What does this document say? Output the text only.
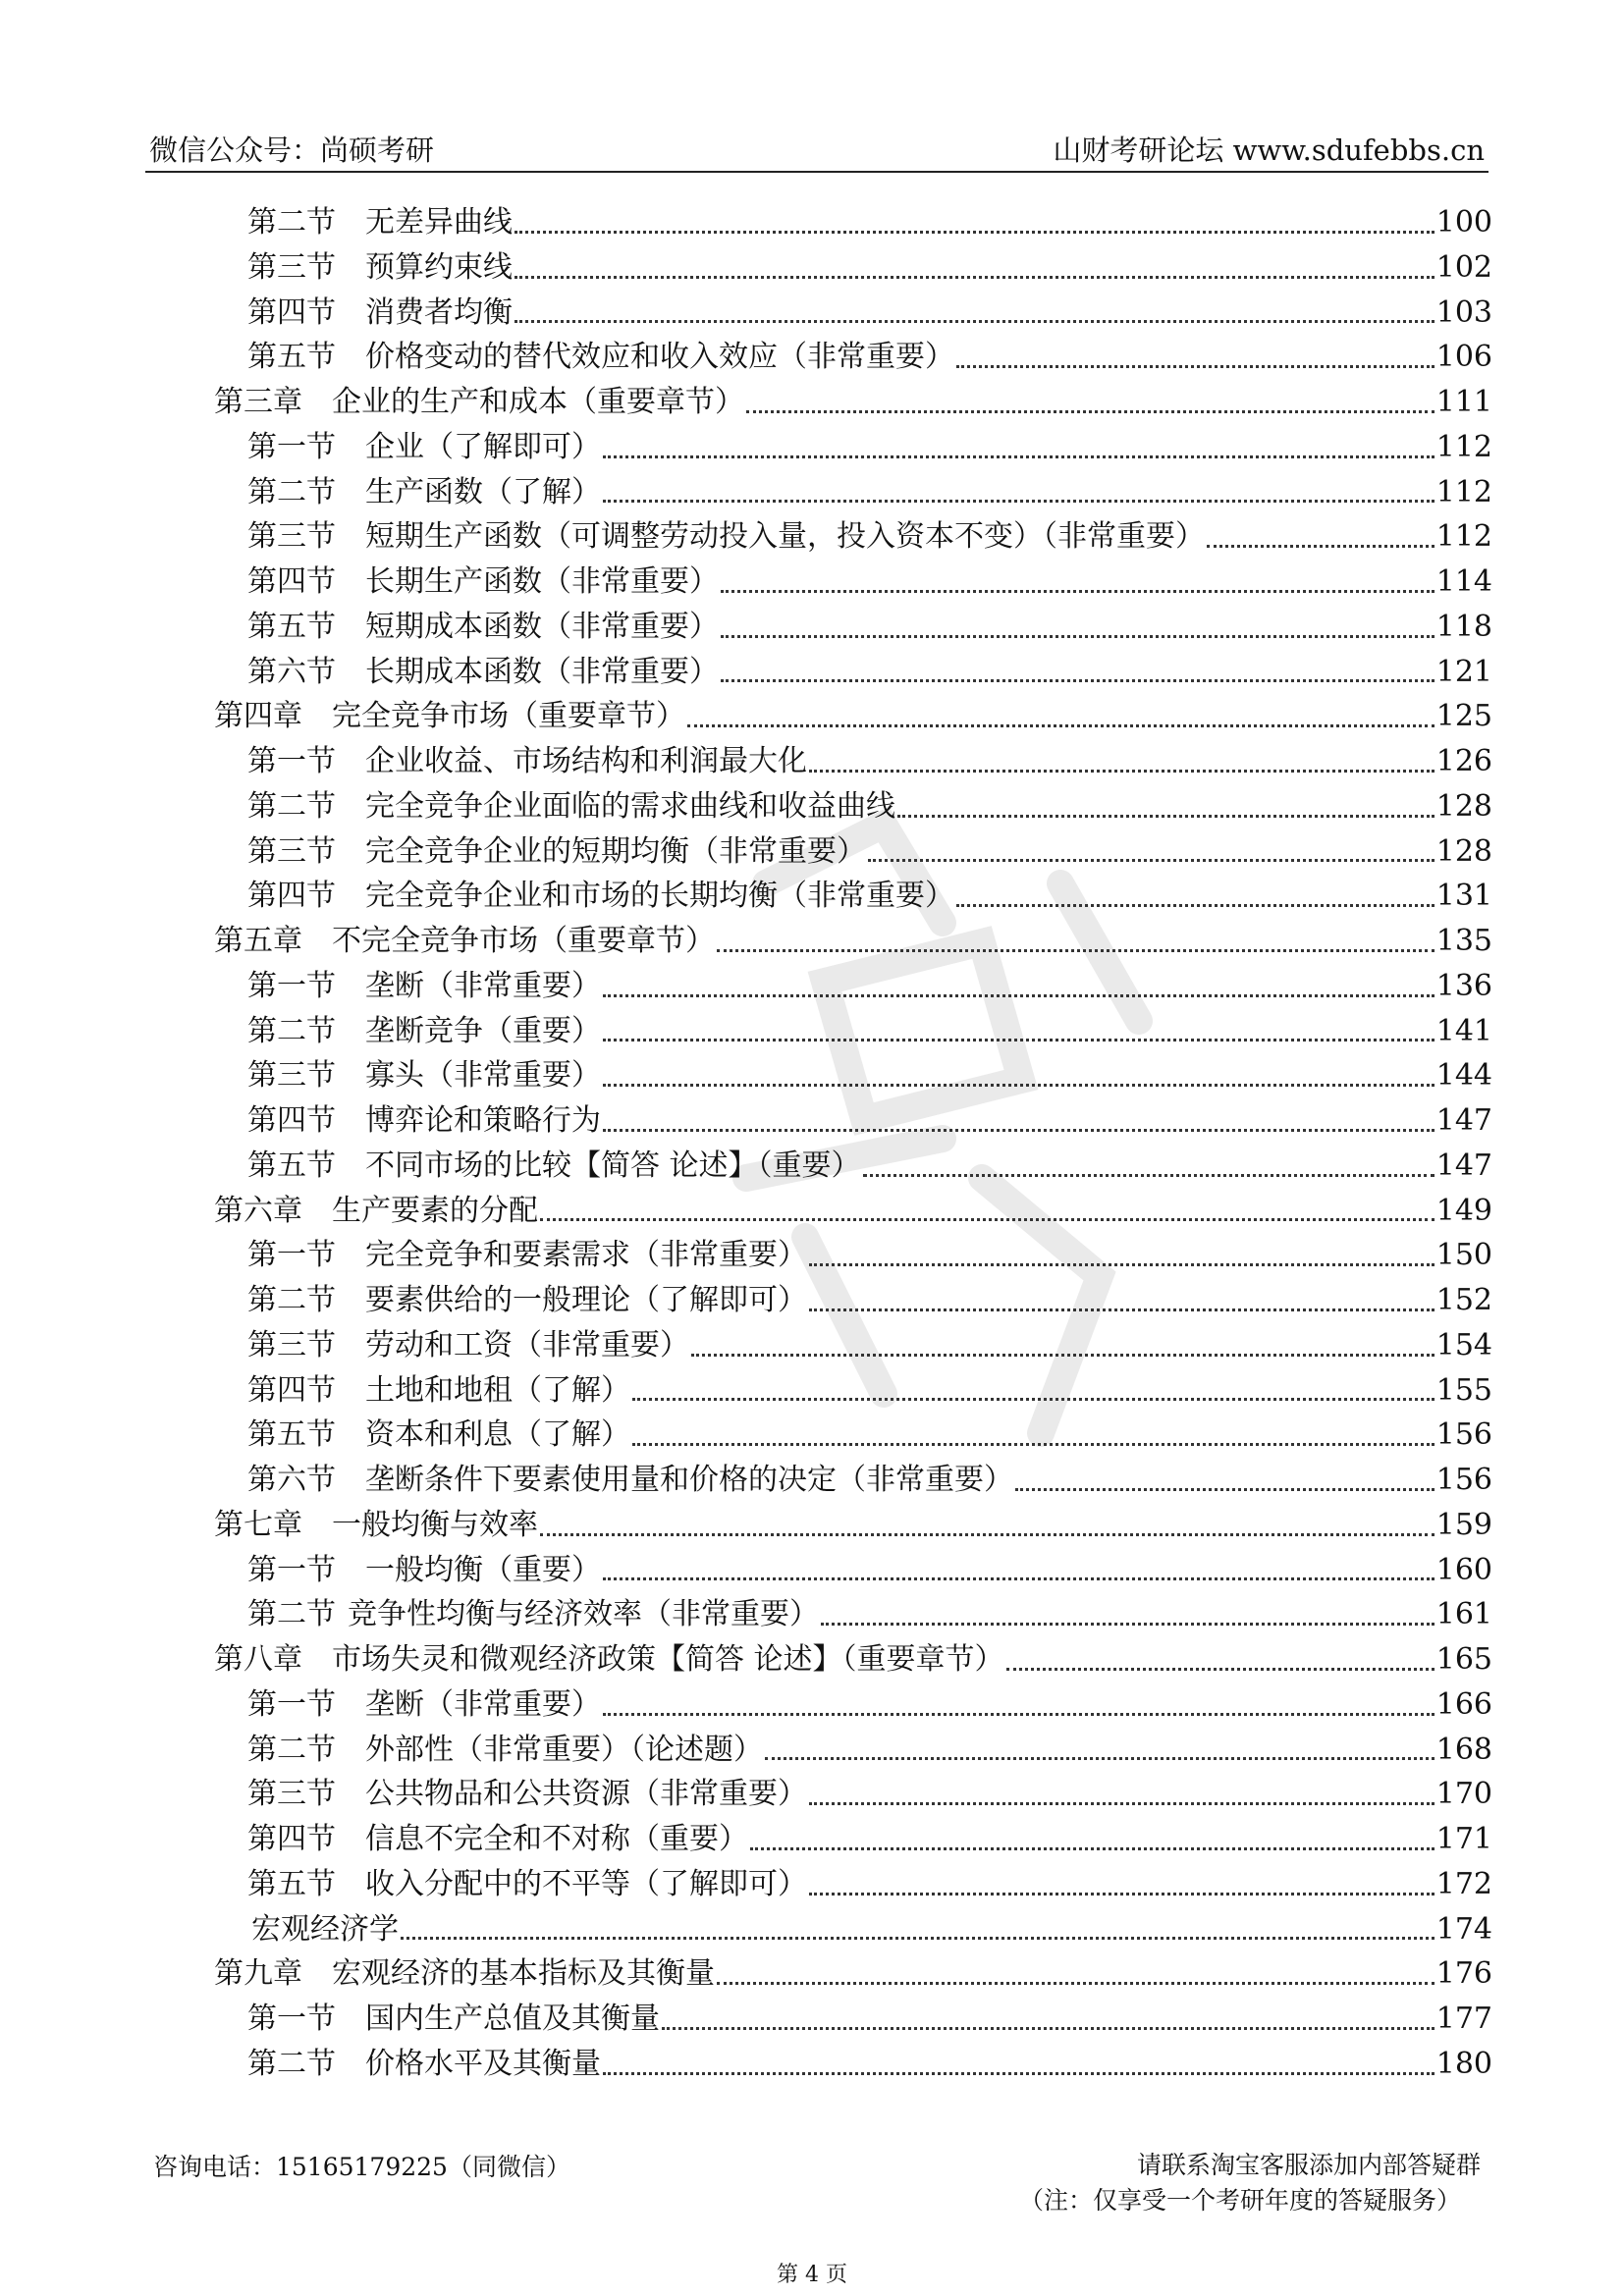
微信公众号：尚硕考研	山财考研论坛 www.sdufebbs.cn
第二节 无差异曲线	100
第三节 预算约束线	102
第四节 消费者均衡	103
第五节 价格变动的替代效应和收入效应（非常重要）	106
第三章 企业的生产和成本（重要章节）	111
第一节 企业（了解即可）	112
第二节 生产函数（了解）	112
第三节 短期生产函数（可调整劳动投入量，投入资本不变）（非常重要）	112
第四节 长期生产函数（非常重要）	114
第五节 短期成本函数（非常重要）	118
第六节 长期成本函数（非常重要）	121
第四章 完全竞争市场（重要章节）	125
第一节 企业收益、市场结构和利润最大化	126
第二节 完全竞争企业面临的需求曲线和收益曲线	128
第三节 完全竞争企业的短期均衡（非常重要）	128
第四节 完全竞争企业和市场的长期均衡（非常重要）	131
第五章 不完全竞争市场（重要章节）	135
第一节 垄断（非常重要）	136
第二节 垄断竞争（重要）	141
第三节 寡头（非常重要）	144
第四节 博弈论和策略行为	147
第五节 不同市场的比较【简答 论述】（重要）	147
第六章 生产要素的分配	149
第一节 完全竞争和要素需求（非常重要）	150
第二节 要素供给的一般理论（了解即可）	152
第三节 劳动和工资（非常重要）	154
第四节 土地和地租（了解）	155
第五节 资本和利息（了解）	156
第六节 垄断条件下要素使用量和价格的决定（非常重要）	156
第七章 一般均衡与效率	159
第一节 一般均衡（重要）	160
第二节 竞争性均衡与经济效率（非常重要）	161
第八章 市场失灵和微观经济政策【简答 论述】（重要章节）	165
第一节 垄断（非常重要）	166
第二节 外部性（非常重要）（论述题）	168
第三节 公共物品和公共资源（非常重要）	170
第四节 信息不完全和不对称（重要）	171
第五节 收入分配中的不平等（了解即可）	172
宏观经济学	174
第九章 宏观经济的基本指标及其衡量	176
第一节 国内生产总值及其衡量	177
第二节 价格水平及其衡量	180
咨询电话：15165179225（同微信）	请联系淘宝客服添加内部答疑群

（注：仅享受一个考研年度的答疑服务）
第 4 页
